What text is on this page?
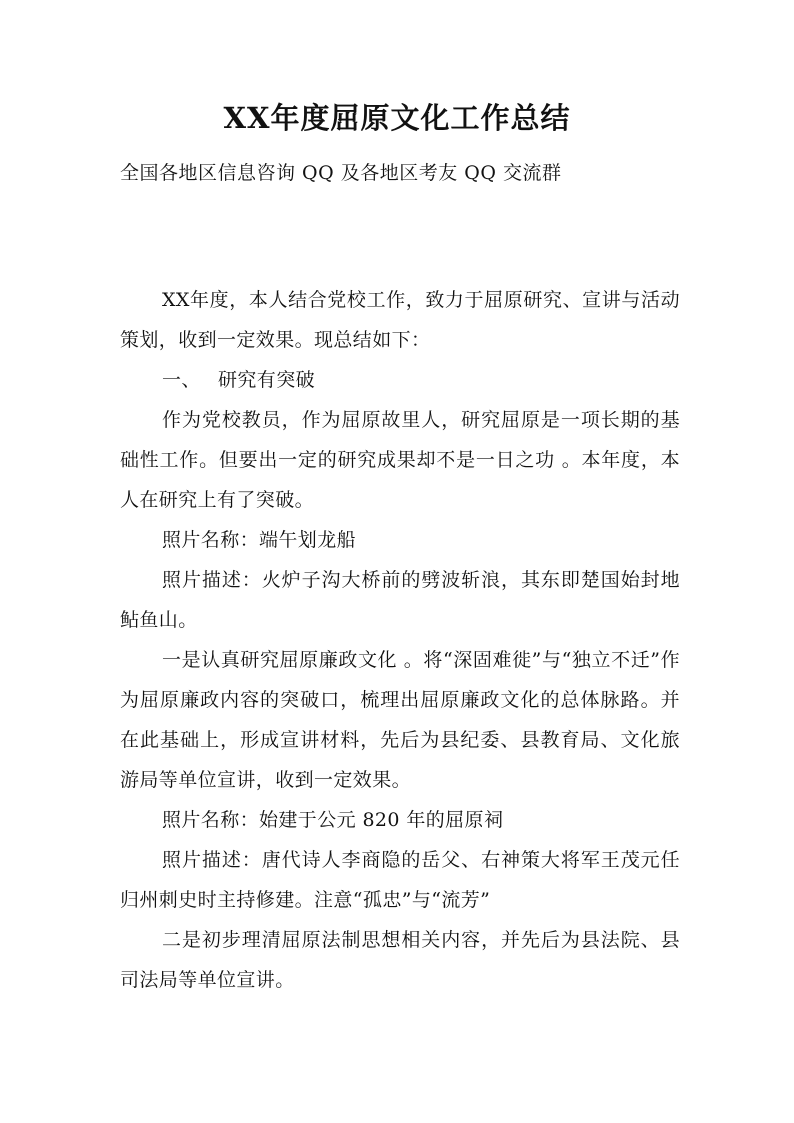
XX年度屈原文化工作总结
全国各地区信息咨询 QQ 及各地区考友 QQ 交流群

XX年度，本人结合党校工作，致力于屈原研究、宣讲与活动策划，收到一定效果。现总结如下：

一、 研究有突破

作为党校教员，作为屈原故里人，研究屈原是一项长期的基础性工作。但要出一定的研究成果却不是一日之功 。本年度，本人在研究上有了突破。

照片名称：端午划龙船

照片描述：火炉子沟大桥前的劈波斩浪，其东即楚国始封地鲇鱼山。

一是认真研究屈原廉政文化 。将“深固难徙”与“独立不迁”作为屈原廉政内容的突破口，梳理出屈原廉政文化的总体脉路。并在此基础上，形成宣讲材料，先后为县纪委、县教育局、文化旅游局等单位宣讲，收到一定效果。

照片名称：始建于公元 820 年的屈原祠

照片描述：唐代诗人李商隐的岳父、右神策大将军王茂元任归州刺史时主持修建。注意“孤忠”与“流芳”

二是初步理清屈原法制思想相关内容，并先后为县法院、县司法局等单位宣讲。
